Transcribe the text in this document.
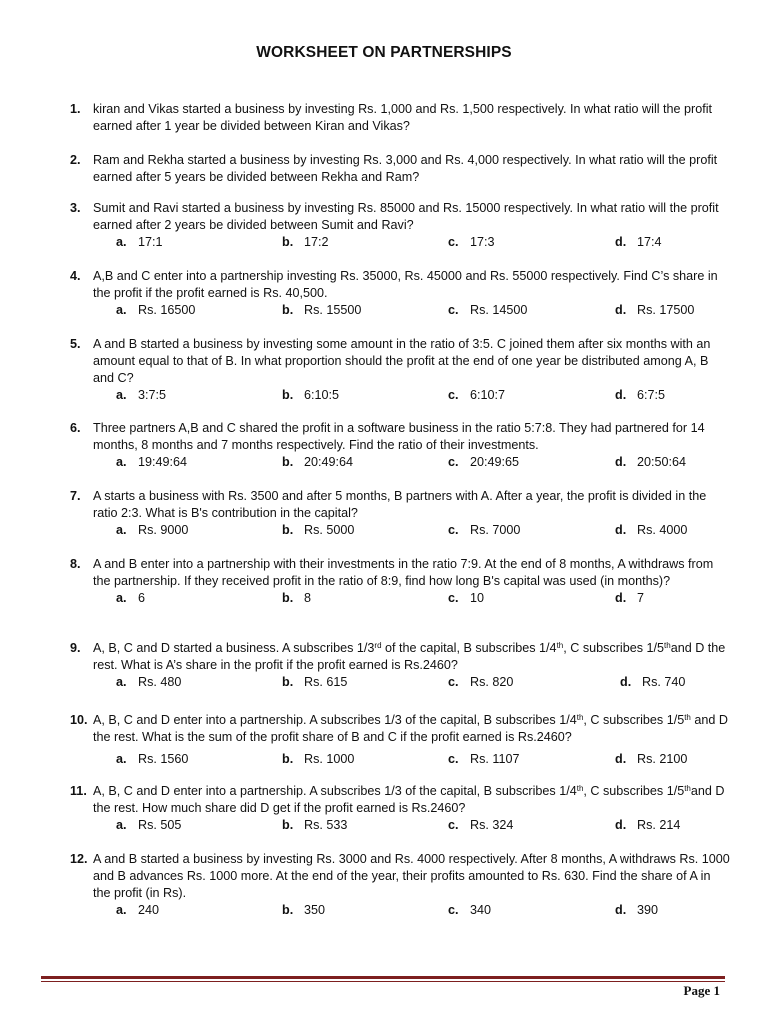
WORKSHEET ON PARTNERSHIPS
1. kiran and Vikas started a business by investing Rs. 1,000 and Rs. 1,500 respectively. In what ratio will the profit earned after 1 year be divided between Kiran and Vikas?
2. Ram and Rekha started a business by investing Rs. 3,000 and Rs. 4,000 respectively. In what ratio will the profit earned after 5 years be divided between Rekha and Ram?
3. Sumit and Ravi started a business by investing Rs. 85000 and Rs. 15000 respectively. In what ratio will the profit earned after 2 years be divided between Sumit and Ravi?
a. 17:1	b. 17:2	c. 17:3	d. 17:4
4. A,B and C enter into a partnership investing Rs. 35000, Rs. 45000 and Rs. 55000 respectively. Find C’s share in the profit if the profit earned is Rs. 40,500.
a. Rs. 16500	b. Rs. 15500	c. Rs. 14500	d. Rs. 17500
5. A and B started a business by investing some amount in the ratio of 3:5. C joined them after six months with an amount equal to that of B. In what proportion should the profit at the end of one year be distributed among A, B and C?
a. 3:7:5	b. 6:10:5	c. 6:10:7	d. 6:7:5
6. Three partners A,B and C shared the profit in a software business in the ratio 5:7:8. They had partnered for 14 months, 8 months and 7 months respectively. Find the ratio of their investments.
a. 19:49:64	b. 20:49:64	c. 20:49:65	d. 20:50:64
7. A starts a business with Rs. 3500 and after 5 months, B partners with A. After a year, the profit is divided in the ratio 2:3. What is B's contribution in the capital?
a. Rs. 9000	b. Rs. 5000	c. Rs. 7000	d. Rs. 4000
8. A and B enter into a partnership with their investments in the ratio 7:9. At the end of 8 months, A withdraws from the partnership. If they received profit in the ratio of 8:9, find how long B's capital was used (in months)?
a. 6	b. 8	c. 10	d. 7
9. A, B, C and D started a business. A subscribes 1/3rd of the capital, B subscribes 1/4th, C subscribes 1/5thand D the rest. What is A’s share in the profit if the profit earned is Rs.2460?
a. Rs. 480	b. Rs. 615	c. Rs. 820	d. Rs. 740
10. A, B, C and D enter into a partnership. A subscribes 1/3 of the capital, B subscribes 1/4th, C subscribes 1/5th and D the rest. What is the sum of the profit share of B and C if the profit earned is Rs.2460?
a. Rs. 1560	b. Rs. 1000	c. Rs. 1107	d. Rs. 2100
11. A, B, C and D enter into a partnership. A subscribes 1/3 of the capital, B subscribes 1/4th, C subscribes 1/5thand D the rest. How much share did D get if the profit earned is Rs.2460?
a. Rs. 505	b. Rs. 533	c. Rs. 324	d. Rs. 214
12. A and B started a business by investing Rs. 3000 and Rs. 4000 respectively. After 8 months, A withdraws Rs. 1000 and B advances Rs. 1000 more. At the end of the year, their profits amounted to Rs. 630. Find the share of A in the profit (in Rs).
a. 240	b. 350	c. 340	d. 390
Page 1
